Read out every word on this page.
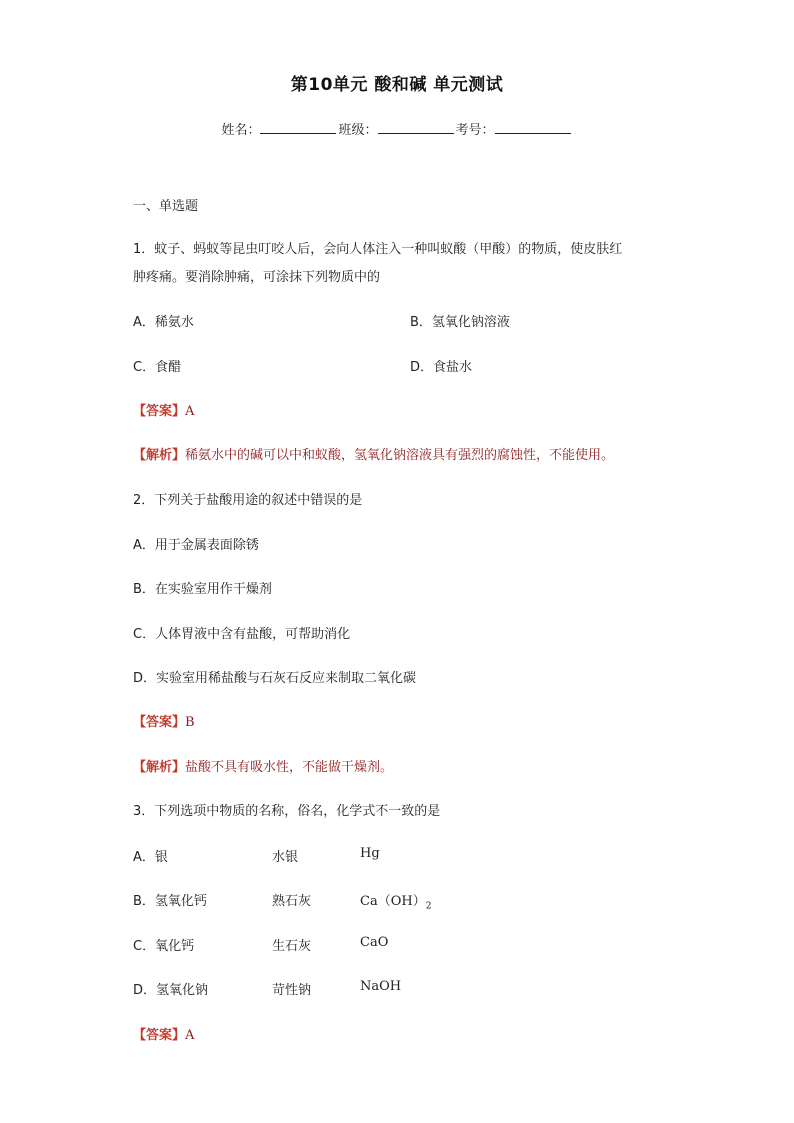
第10单元 酸和碱 单元测试
姓名：	班级：	考号：
一、单选题
1．蚊子、蚂蚁等昆虫叮咬人后，会向人体注入一种叫蚁酸（甲酸）的物质，使皮肤红
肿疼痛。要消除肿痛，可涂抹下列物质中的
A．稀氨水	B．氢氧化钠溶液
C．食醋	D．食盐水
【答案】A
【解析】稀氨水中的碱可以中和蚁酸，氢氧化钠溶液具有强烈的腐蚀性，不能使用。
2．下列关于盐酸用途的叙述中错误的是
A．用于金属表面除锈
B．在实验室用作干燥剂
C．人体胃液中含有盐酸，可帮助消化
D．实验室用稀盐酸与石灰石反应来制取二氧化碳
【答案】B
【解析】盐酸不具有吸水性，不能做干燥剂。
3．下列选项中物质的名称，俗名，化学式不一致的是
A．银	水银	Hg
B．氢氧化钙	熟石灰	$Ca(OH)_2$
C．氧化钙	生石灰	CaO
D．氢氧化钠	苛性钠	NaOH
【答案】A
